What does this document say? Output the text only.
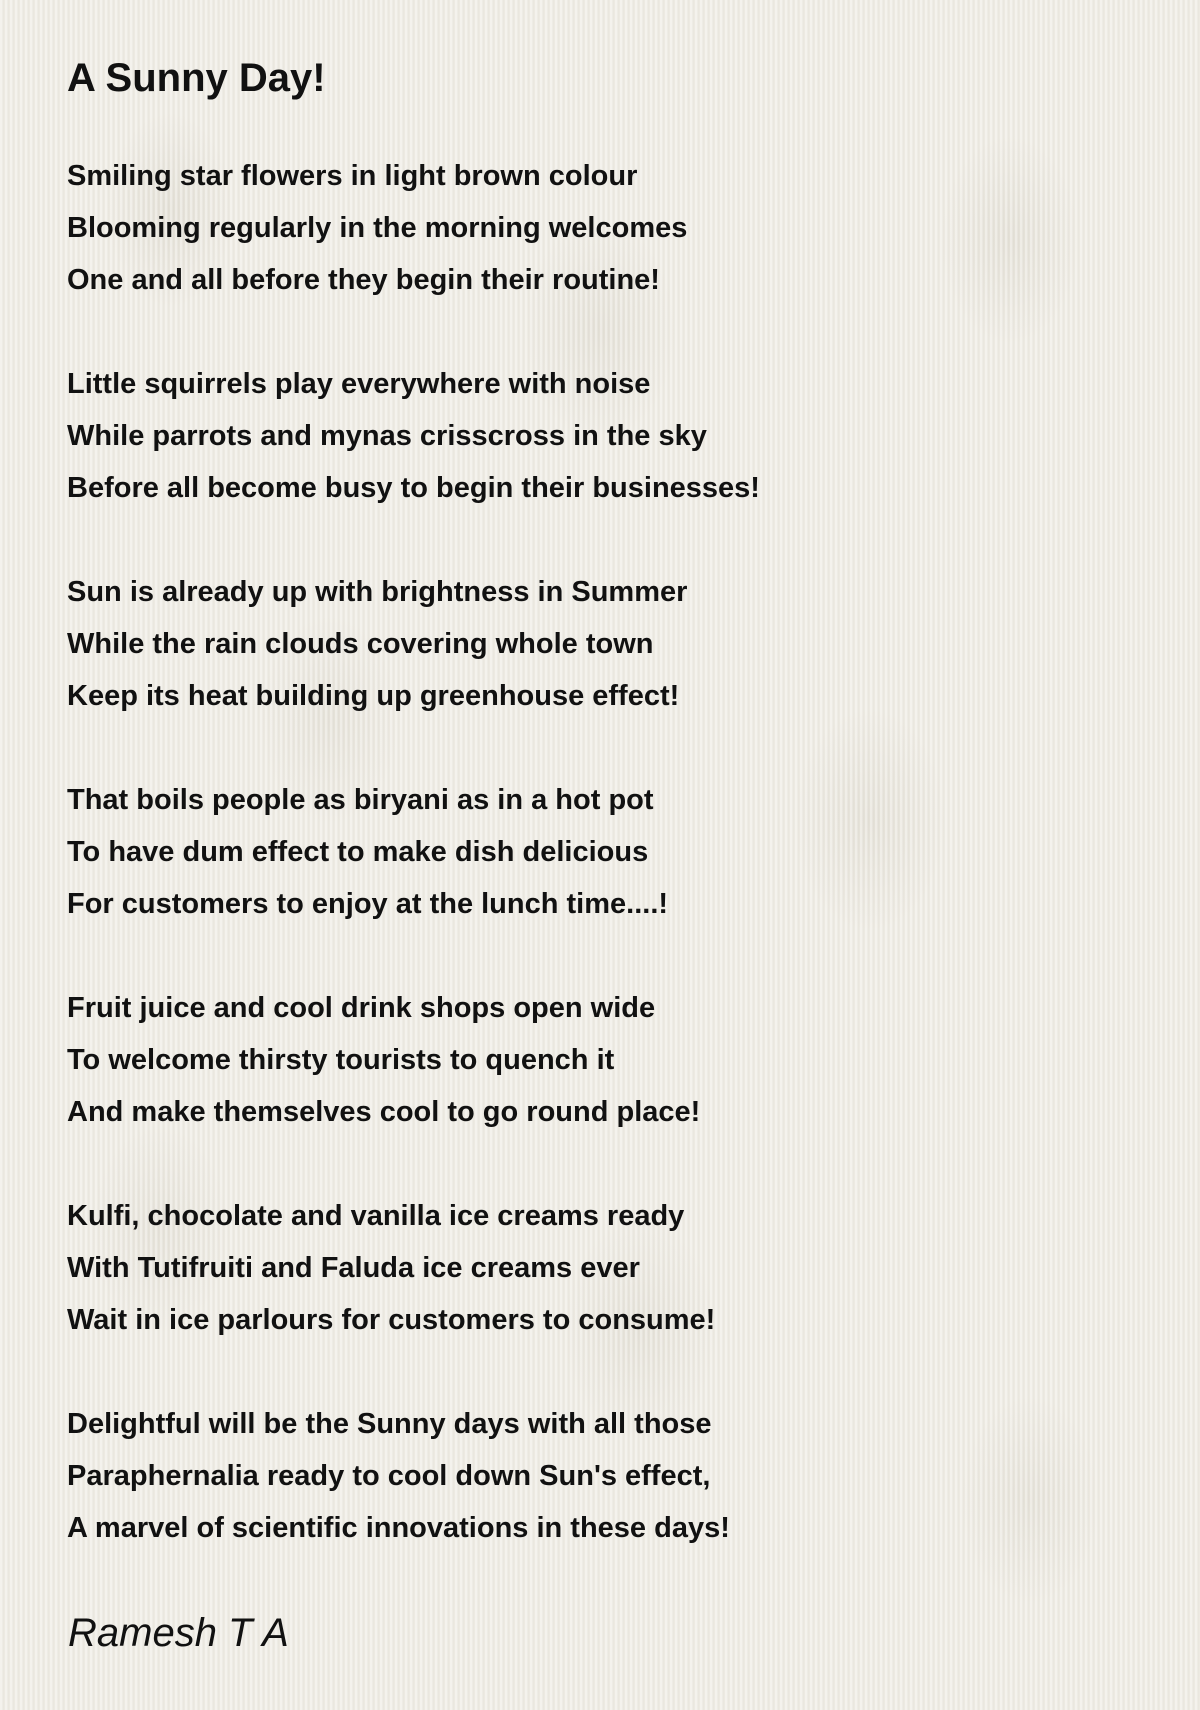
A Sunny Day!
Smiling star flowers in light brown colour
Blooming regularly in the morning welcomes
One and all before they begin their routine!
Little squirrels play everywhere with noise
While parrots and mynas crisscross in the sky
Before all become busy to begin their businesses!
Sun is already up with brightness in Summer
While the rain clouds covering whole town
Keep its heat building up greenhouse effect!
That boils people as biryani as in a hot pot
To have dum effect to make dish delicious
For customers to enjoy at the lunch time....!
Fruit juice and cool drink shops open wide
To welcome thirsty tourists to quench it
And make themselves cool to go round place!
Kulfi, chocolate and vanilla ice creams ready
With Tutifruiti and Faluda ice creams ever
Wait in ice parlours for customers to consume!
Delightful will be the Sunny days with all those
Paraphernalia ready to cool down Sun's effect,
A marvel of scientific innovations in these days!
Ramesh T A
